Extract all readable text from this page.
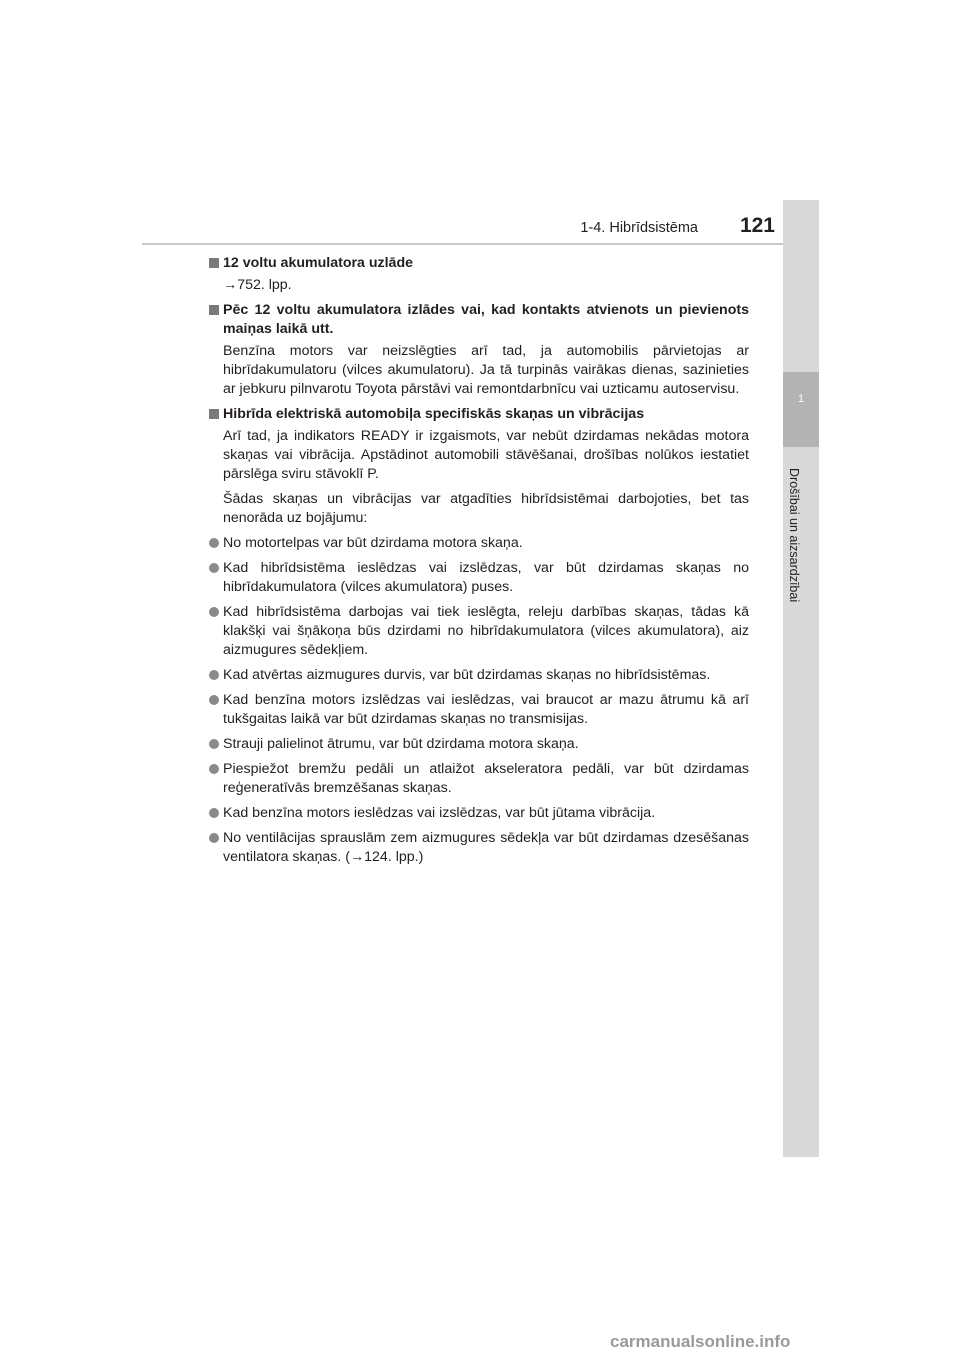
1-4. Hibrīdsistēma	121
1
Drošībai un aizsardzībai
12 voltu akumulatora uzlāde
→752. lpp.
Pēc 12 voltu akumulatora izlādes vai, kad kontakts atvienots un pievienots maiņas laikā utt.
Benzīna motors var neizslēgties arī tad, ja automobilis pārvietojas ar hibrīdakumulatoru (vilces akumulatoru). Ja tā turpinās vairākas dienas, sazinieties ar jebkuru pilnvarotu Toyota pārstāvi vai remontdarbnīcu vai uzticamu autoservisu.
Hibrīda elektriskā automobiļa specifiskās skaņas un vibrācijas
Arī tad, ja indikators READY ir izgaismots, var nebūt dzirdamas nekādas motora skaņas vai vibrācija. Apstādinot automobili stāvēšanai, drošības nolūkos iestatiet pārslēga sviru stāvoklī P.
Šādas skaņas un vibrācijas var atgadīties hibrīdsistēmai darbojoties, bet tas nenorāda uz bojājumu:
No motortelpas var būt dzirdama motora skaņa.
Kad hibrīdsistēma ieslēdzas vai izslēdzas, var būt dzirdamas skaņas no hibrīdakumulatora (vilces akumulatora) puses.
Kad hibrīdsistēma darbojas vai tiek ieslēgta, releju darbības skaņas, tādas kā klakšķi vai šņākoņa būs dzirdami no hibrīdakumulatora (vilces akumulatora), aiz aizmugures sēdekļiem.
Kad atvērtas aizmugures durvis, var būt dzirdamas skaņas no hibrīdsistēmas.
Kad benzīna motors izslēdzas vai ieslēdzas, vai braucot ar mazu ātrumu kā arī tukšgaitas laikā var būt dzirdamas skaņas no transmisijas.
Strauji palielinot ātrumu, var būt dzirdama motora skaņa.
Piespiežot bremžu pedāli un atlaižot akseleratora pedāli, var būt dzirdamas reģeneratīvās bremzēšanas skaņas.
Kad benzīna motors ieslēdzas vai izslēdzas, var būt jūtama vibrācija.
No ventilācijas sprauslām zem aizmugures sēdekļa var būt dzirdamas dzesēšanas ventilatora skaņas. (→124. lpp.)
carmanualsonline.info
